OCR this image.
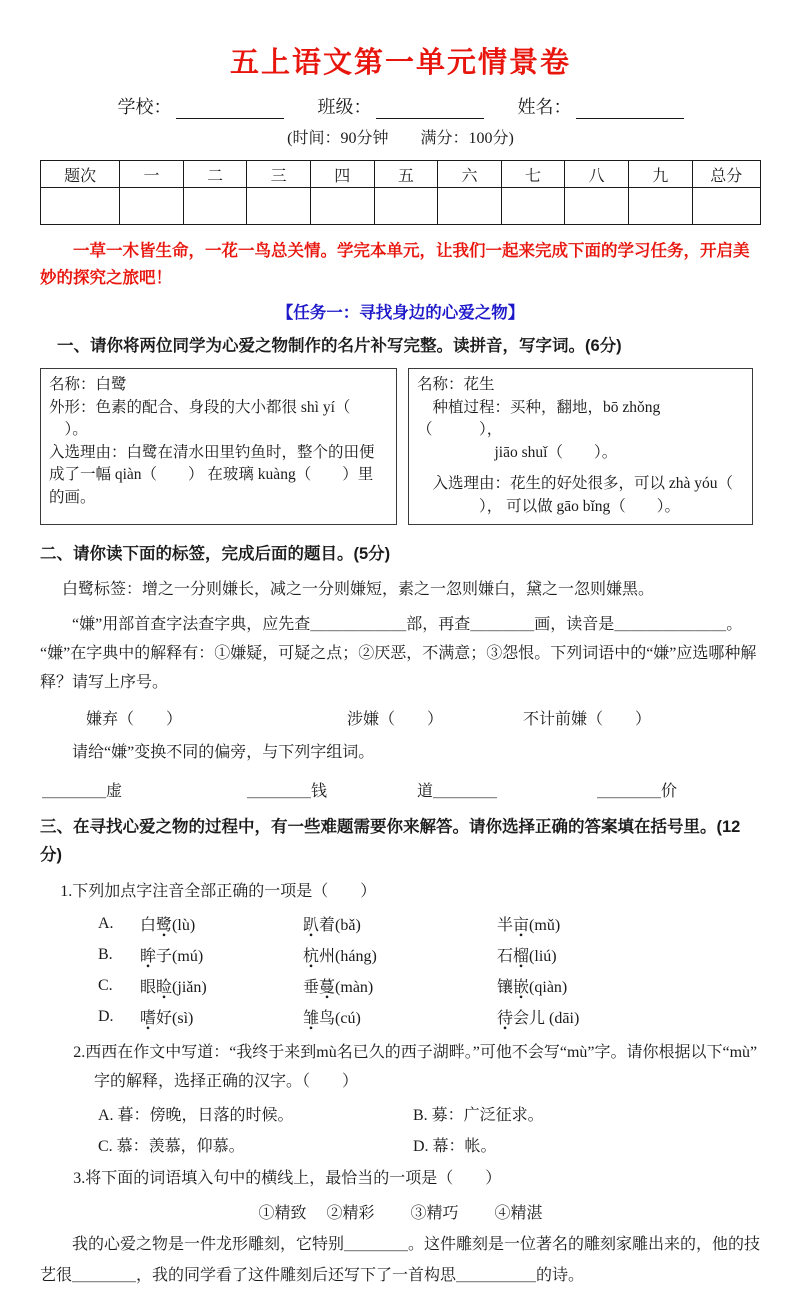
五上语文第一单元情景卷
学校：	班级：	姓名：
(时间：90分钟　　满分：100分)
题次	一	二	三	四	五	六	七	八	九	总分

一草一木皆生命，一花一鸟总关情。学完本单元，让我们一起来完成下面的学习任务，开启美妙的探究之旅吧！

【任务一：寻找身边的心爱之物】
一、请你将两位同学为心爱之物制作的名片补写完整。读拼音，写字词。(6分)
名称：白鹭
外形：色素的配合、身段的大小都很 shì yí（
　）。
入选理由：白鹭在清水田里钓鱼时，整个的田便
成了一幅 qiàn（　　） 在玻璃 kuàng（　　）里的画。
名称：花生
　种植过程：买种，翻地，bō zhǒng（　　　），
　　　　　jiāo shuǐ（　　）。
　入选理由：花生的好处很多，可以 zhà yóu（
　　　　）， 可以做 gāo bǐng（　　）。
二、请你读下面的标签，完成后面的题目。(5分)
白鹭标签：增之一分则嫌长，减之一分则嫌短，素之一忽则嫌白，黛之一忽则嫌黑。

“嫌”用部首查字法查字典，应先查＿＿＿＿＿＿部，再查＿＿＿＿画，读音是＿＿＿＿＿＿＿。“嫌”在字典中的解释有：①嫌疑，可疑之点；②厌恶，不满意；③怨恨。下列词语中的“嫌”应选哪种解释？请写上序号。

嫌弃（　　）	涉嫌（　　）	不计前嫌（　　）
请给“嫌”变换不同的偏旁，与下列字组词。
＿＿＿＿虚	＿＿＿＿钱	道＿＿＿＿	＿＿＿＿价
三、在寻找心爱之物的过程中，有一些难题需要你来解答。请你选择正确的答案填在括号里。(12分)
1.下列加点字注音全部正确的一项是（　　）
A.	白鹭(lù)	趴着(bǎ)	半亩(mǔ)
B.	眸子(mú)	杭州(háng)	石榴(liú)
C.	眼睑(jiǎn)	垂蔓(màn)	镶嵌(qiàn)
D.	嗜好(sì)	雏鸟(cú)	待会儿 (dāi)
2.西西在作文中写道：“我终于来到mù名已久的西子湖畔。”可他不会写“mù”字。请你根据以下“mù”字的解释，选择正确的汉字。（　　）
A. 暮：傍晚，日落的时候。	B. 募：广泛征求。
C. 慕：羡慕，仰慕。	D. 幕：帐。
3.将下面的词语填入句中的横线上，最恰当的一项是（　　）
①精致　 ②精彩　　 ③精巧　　 ④精湛

我的心爱之物是一件龙形雕刻，它特别＿＿＿＿。这件雕刻是一位著名的雕刻家雕出来的，他的技艺很＿＿＿＿，我的同学看了这件雕刻后还写下了一首构思＿＿＿＿＿的诗。
